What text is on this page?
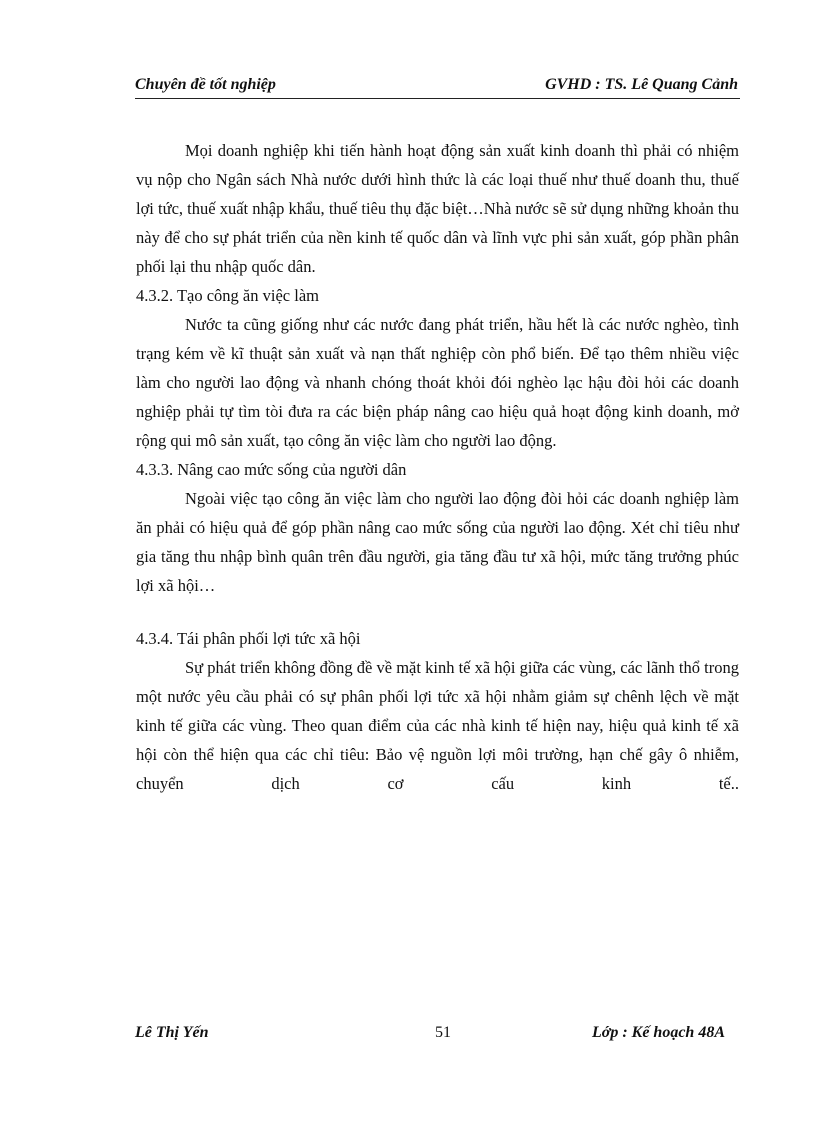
Chuyên đề tốt nghiệp	GVHD : TS. Lê Quang Cảnh

Mọi doanh nghiệp khi tiến hành hoạt động sản xuất kinh doanh thì phải có nhiệm vụ nộp cho Ngân sách Nhà nước dưới hình thức là các loại thuế như thuế doanh thu, thuế lợi tức, thuế xuất nhập khẩu, thuế tiêu thụ đặc biệt…Nhà nước sẽ sử dụng những khoản thu này để cho sự phát triển của nền kinh tế quốc dân và lĩnh vực phi sản xuất, góp phần phân phối lại thu nhập quốc dân.

4.3.2. Tạo công ăn việc làm

Nước ta cũng giống như các nước đang phát triển, hầu hết là các nước nghèo, tình trạng kém về kĩ thuật sản xuất và nạn thất nghiệp còn phổ biến. Để tạo thêm nhiều việc làm cho người lao động và nhanh chóng thoát khỏi đói nghèo lạc hậu đòi hỏi các doanh nghiệp phải tự tìm tòi đưa ra các biện pháp nâng cao hiệu quả hoạt động kinh doanh, mở rộng qui mô sản xuất, tạo công ăn việc làm cho người lao động.

4.3.3. Nâng cao mức sống của người dân

Ngoài việc tạo công ăn việc làm cho người lao động đòi hỏi các doanh nghiệp làm ăn phải có hiệu quả để góp phần nâng cao mức sống của người lao động. Xét chỉ tiêu như gia tăng thu nhập bình quân trên đầu người, gia tăng đầu tư xã hội, mức tăng trưởng phúc lợi xã hội…

4.3.4. Tái phân phối lợi tức xã hội

Sự phát triển không đồng đề về mặt kinh tế xã hội giữa các vùng, các lãnh thổ trong một nước yêu cầu phải có sự phân phối lợi tức xã hội nhằm giảm sự chênh lệch về mặt kinh tế giữa các vùng. Theo quan điểm của các nhà kinh tế hiện nay, hiệu quả kinh tế xã hội còn thể hiện qua các chỉ tiêu: Bảo vệ nguồn lợi môi trường, hạn chế gây ô nhiễm, chuyển dịch cơ cấu kinh tế..

Lê Thị Yến	51	Lớp : Kế hoạch 48A
